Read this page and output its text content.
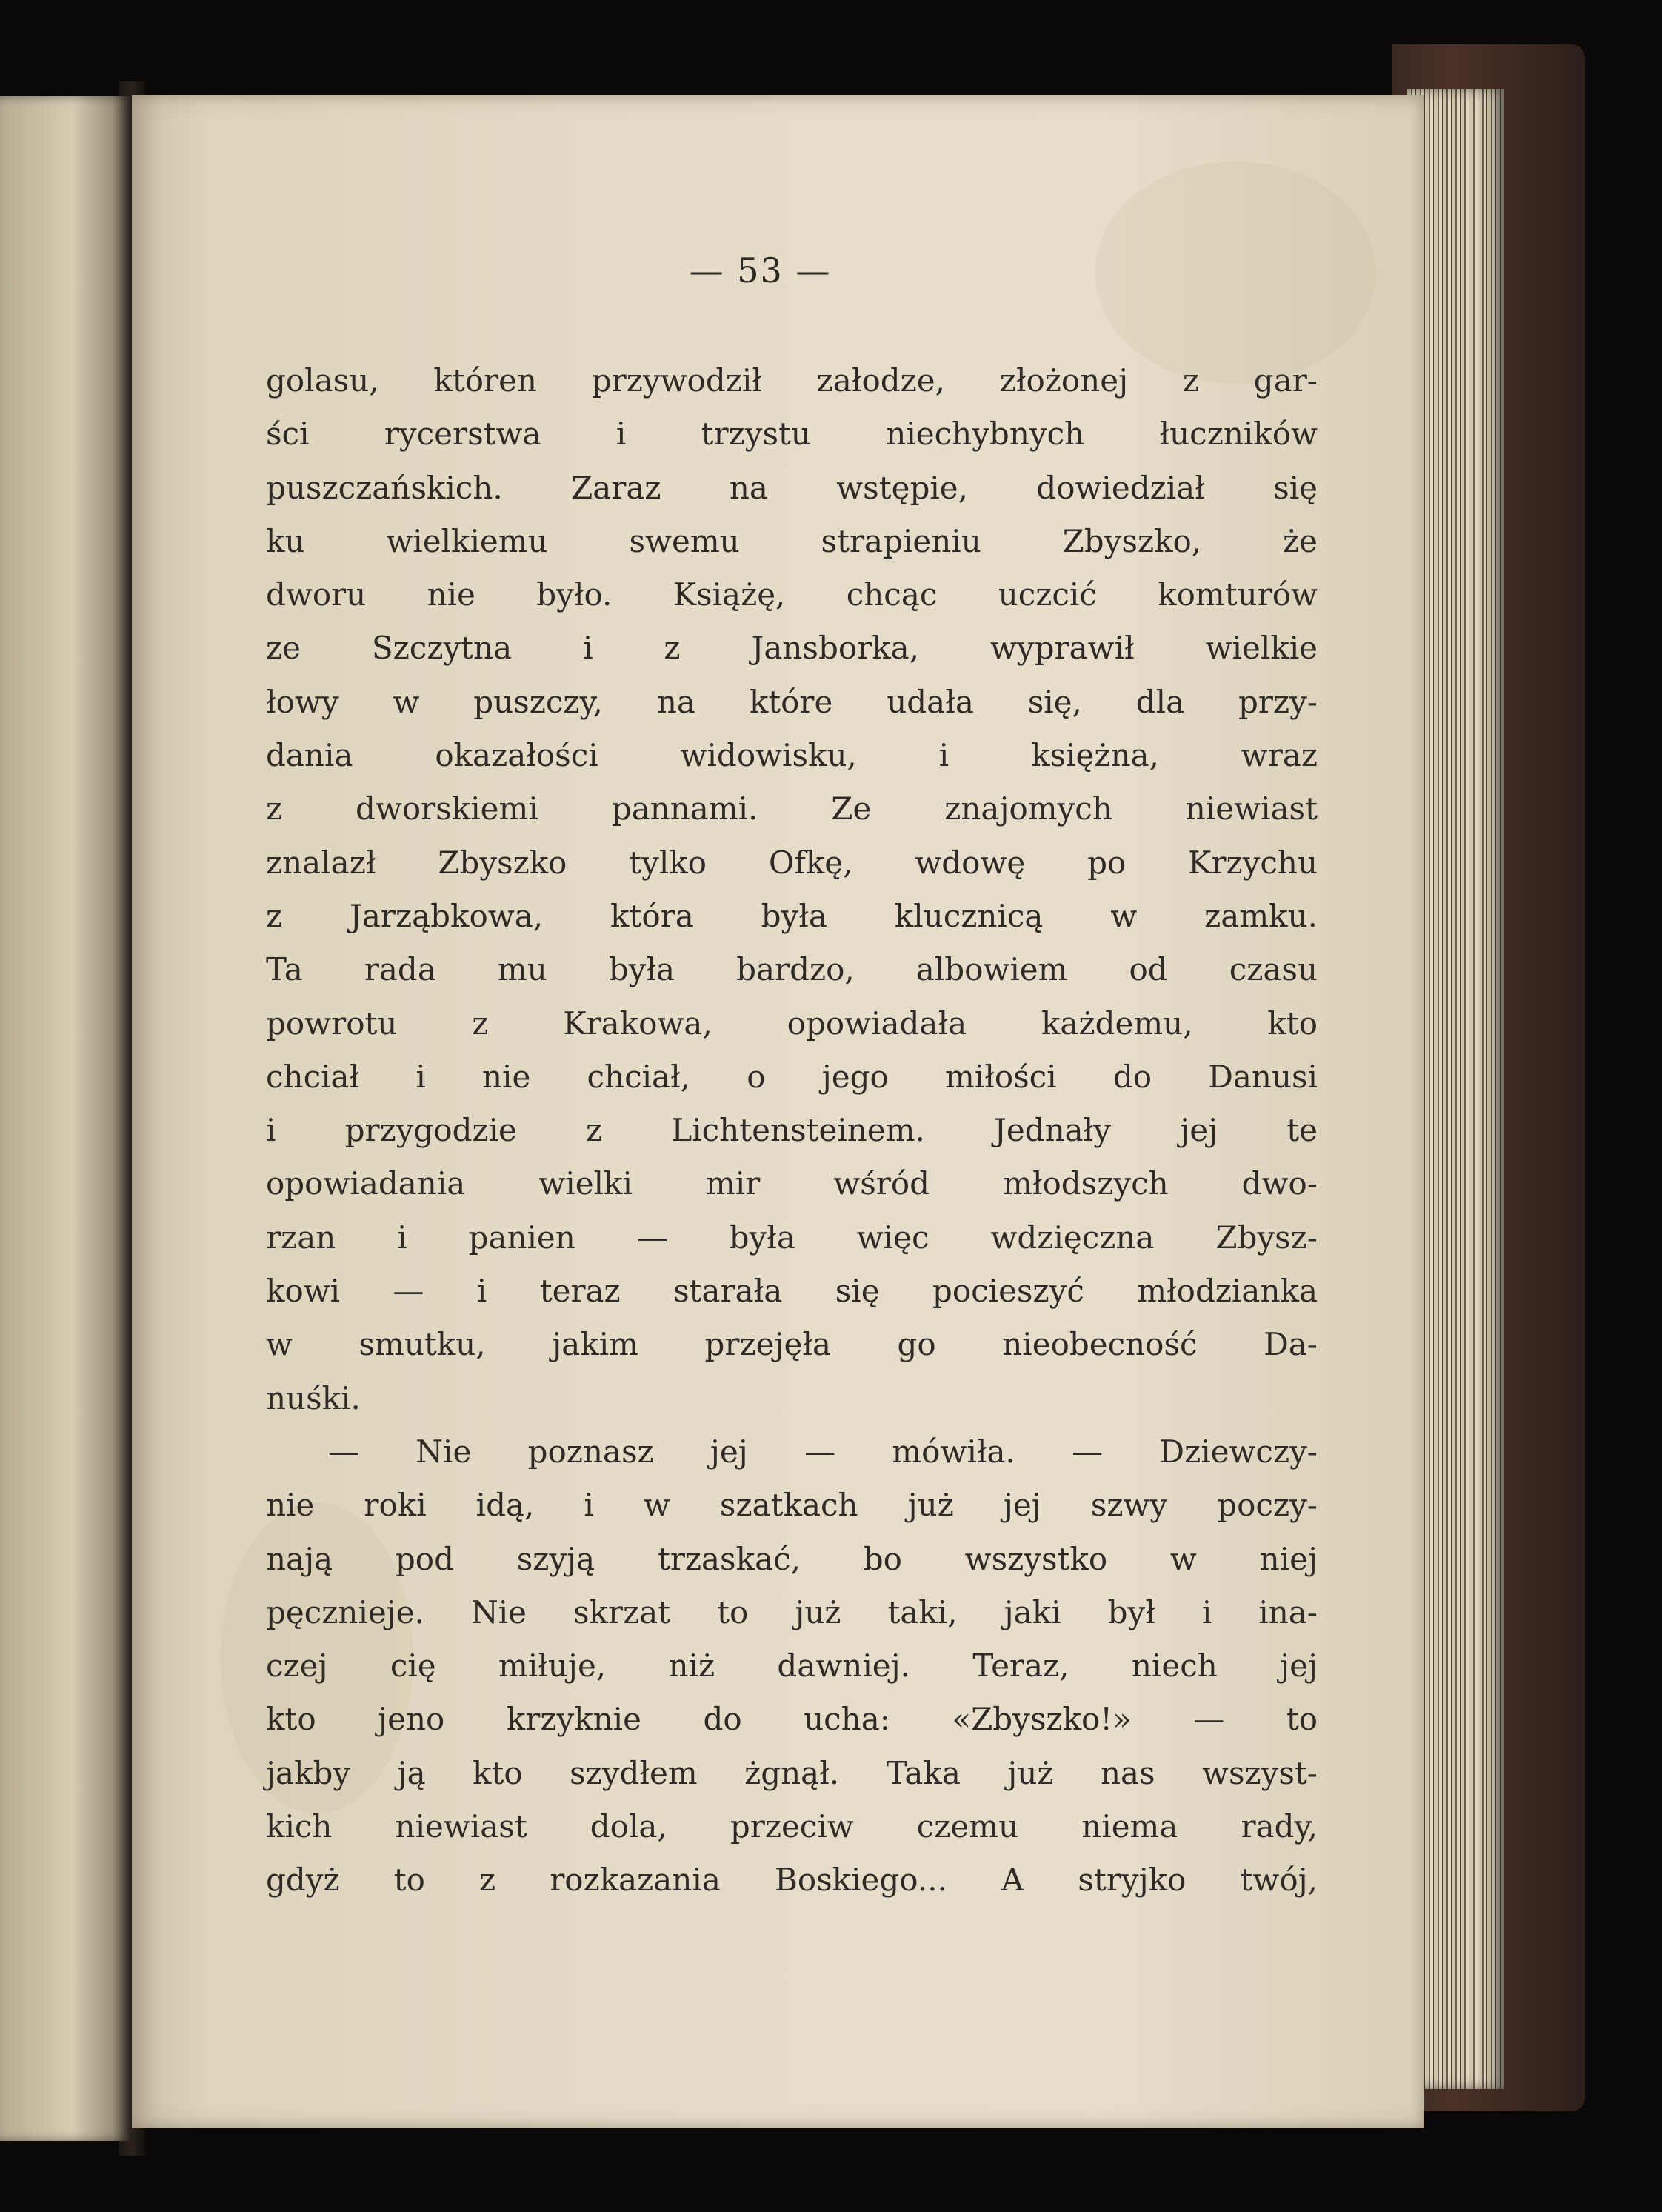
— 53 —
golasu, któren przywodził załodze, złożonej z gar-
ści rycerstwa i trzystu niechybnych łuczników
puszczańskich. Zaraz na wstępie, dowiedział się
ku wielkiemu swemu strapieniu Zbyszko, że
dworu nie było. Książę, chcąc uczcić komturów
ze Szczytna i z Jansborka, wyprawił wielkie
łowy w puszczy, na które udała się, dla przy-
dania okazałości widowisku, i księżna, wraz
z dworskiemi pannami. Ze znajomych niewiast
znalazł Zbyszko tylko Ofkę, wdowę po Krzychu
z Jarząbkowa, która była klucznicą w zamku.
Ta rada mu była bardzo, albowiem od czasu
powrotu z Krakowa, opowiadała każdemu, kto
chciał i nie chciał, o jego miłości do Danusi
i przygodzie z Lichtensteinem. Jednały jej te
opowiadania wielki mir wśród młodszych dwo-
rzan i panien — była więc wdzięczna Zbysz-
kowi — i teraz starała się pocieszyć młodzianka
w smutku, jakim przejęła go nieobecność Da-
nuśki.
— Nie poznasz jej — mówiła. — Dziewczy-
nie roki idą, i w szatkach już jej szwy poczy-
nają pod szyją trzaskać, bo wszystko w niej
pęcznieje. Nie skrzat to już taki, jaki był i ina-
czej cię miłuje, niż dawniej. Teraz, niech jej
kto jeno krzyknie do ucha: «Zbyszko!» — to
jakby ją kto szydłem żgnął. Taka już nas wszyst-
kich niewiast dola, przeciw czemu niema rady,
gdyż to z rozkazania Boskiego... A stryjko twój,
